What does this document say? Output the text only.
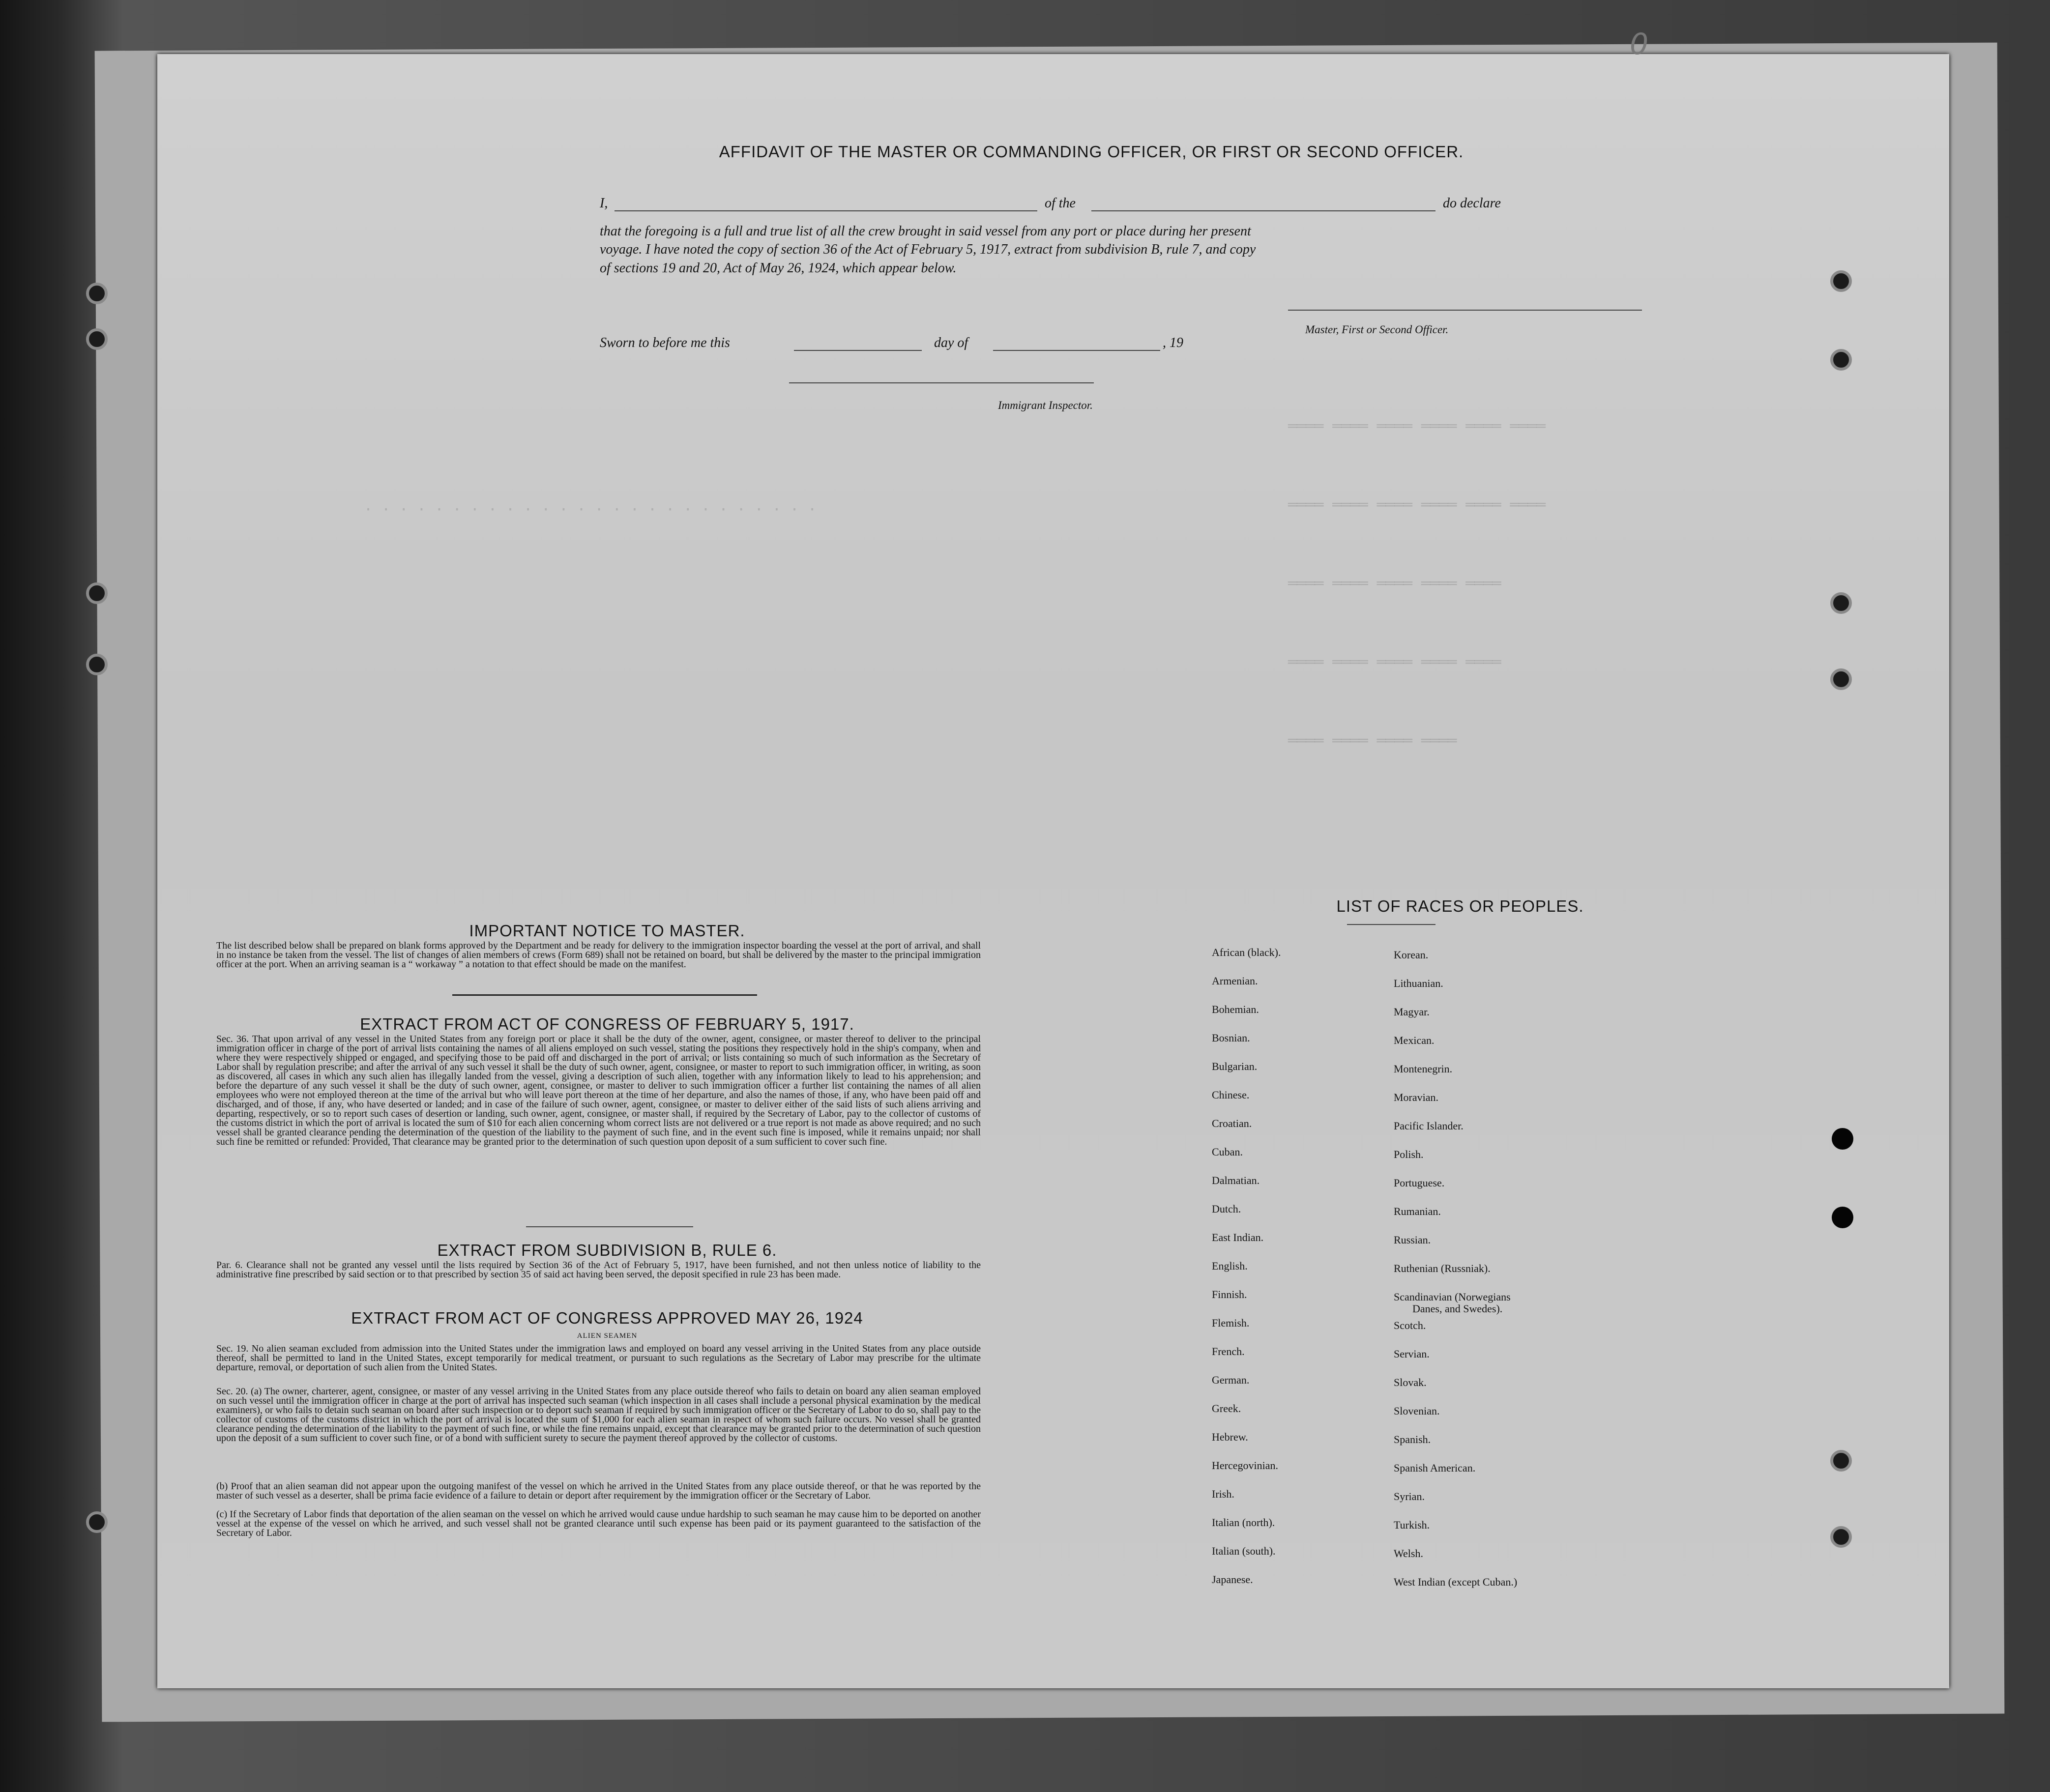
· · · · · · · · · · · · · · · · · · · · · · · · · ·
════ ════ ════ ════ ════ ════
════ ════ ════ ════ ════ ════
════ ════ ════ ════ ════
════ ════ ════ ════ ════
════ ════ ════ ════
AFFIDAVIT OF THE MASTER OR COMMANDING OFFICER, OR FIRST OR SECOND OFFICER.
I,	of the	do declare
that the foregoing is a full and true list of all the crew brought in said vessel from any port or place during her present
voyage. I have noted the copy of section 36 of the Act of February 5, 1917, extract from subdivision B, rule 7, and copy
of sections 19 and 20, Act of May 26, 1924, which appear below.
Master, First or Second Officer.
Sworn to before me this	day of	, 19
Immigrant Inspector.
IMPORTANT NOTICE TO MASTER.
The list described below shall be prepared on blank forms approved by the Department and be ready for delivery to the immigration inspector boarding the vessel at the port of arrival, and shall in no instance be taken from the vessel. The list of changes of alien members of crews (Form 689) shall not be retained on board, but shall be delivered by the master to the principal immigration officer at the port. When an arriving seaman is a “ workaway ” a notation to that effect should be made on the manifest.
EXTRACT FROM ACT OF CONGRESS OF FEBRUARY 5, 1917.
Sec. 36. That upon arrival of any vessel in the United States from any foreign port or place it shall be the duty of the owner, agent, consignee, or master thereof to deliver to the principal immigration officer in charge of the port of arrival lists containing the names of all aliens employed on such vessel, stating the positions they respectively hold in the ship's company, when and where they were respectively shipped or engaged, and specifying those to be paid off and discharged in the port of arrival; or lists containing so much of such information as the Secretary of Labor shall by regulation prescribe; and after the arrival of any such vessel it shall be the duty of such owner, agent, consignee, or master to report to such immigration officer, in writing, as soon as discovered, all cases in which any such alien has illegally landed from the vessel, giving a description of such alien, together with any information likely to lead to his apprehension; and before the departure of any such vessel it shall be the duty of such owner, agent, consignee, or master to deliver to such immigration officer a further list containing the names of all alien employees who were not employed thereon at the time of the arrival but who will leave port thereon at the time of her departure, and also the names of those, if any, who have been paid off and discharged, and of those, if any, who have deserted or landed; and in case of the failure of such owner, agent, consignee, or master to deliver either of the said lists of such aliens arriving and departing, respectively, or so to report such cases of desertion or landing, such owner, agent, consignee, or master shall, if required by the Secretary of Labor, pay to the collector of customs of the customs district in which the port of arrival is located the sum of $10 for each alien concerning whom correct lists are not delivered or a true report is not made as above required; and no such vessel shall be granted clearance pending the determination of the question of the liability to the payment of such fine, and in the event such fine is imposed, while it remains unpaid; nor shall such fine be remitted or refunded: Provided, That clearance may be granted prior to the determination of such question upon deposit of a sum sufficient to cover such fine.
EXTRACT FROM SUBDIVISION B, RULE 6.
Par. 6. Clearance shall not be granted any vessel until the lists required by Section 36 of the Act of February 5, 1917, have been furnished, and not then unless notice of liability to the administrative fine prescribed by said section or to that prescribed by section 35 of said act having been served, the deposit specified in rule 23 has been made.
EXTRACT FROM ACT OF CONGRESS APPROVED MAY 26, 1924
ALIEN SEAMEN
Sec. 19. No alien seaman excluded from admission into the United States under the immigration laws and employed on board any vessel arriving in the United States from any place outside thereof, shall be permitted to land in the United States, except temporarily for medical treatment, or pursuant to such regulations as the Secretary of Labor may prescribe for the ultimate departure, removal, or deportation of such alien from the United States.
Sec. 20. (a) The owner, charterer, agent, consignee, or master of any vessel arriving in the United States from any place outside thereof who fails to detain on board any alien seaman employed on such vessel until the immigration officer in charge at the port of arrival has inspected such seaman (which inspection in all cases shall include a personal physical examination by the medical examiners), or who fails to detain such seaman on board after such inspection or to deport such seaman if required by such immigration officer or the Secretary of Labor to do so, shall pay to the collector of customs of the customs district in which the port of arrival is located the sum of $1,000 for each alien seaman in respect of whom such failure occurs. No vessel shall be granted clearance pending the determination of the liability to the payment of such fine, or while the fine remains unpaid, except that clearance may be granted prior to the determination of such question upon the deposit of a sum sufficient to cover such fine, or of a bond with sufficient surety to secure the payment thereof approved by the collector of customs.
(b) Proof that an alien seaman did not appear upon the outgoing manifest of the vessel on which he arrived in the United States from any place outside thereof, or that he was reported by the master of such vessel as a deserter, shall be prima facie evidence of a failure to detain or deport after requirement by the immigration officer or the Secretary of Labor.
(c) If the Secretary of Labor finds that deportation of the alien seaman on the vessel on which he arrived would cause undue hardship to such seaman he may cause him to be deported on another vessel at the expense of the vessel on which he arrived, and such vessel shall not be granted clearance until such expense has been paid or its payment guaranteed to the satisfaction of the Secretary of Labor.
LIST OF RACES OR PEOPLES.
African (black).
Armenian.
Bohemian.
Bosnian.
Bulgarian.
Chinese.
Croatian.
Cuban.
Dalmatian.
Dutch.
East Indian.
English.
Finnish.
Flemish.
French.
German.
Greek.
Hebrew.
Hercegovinian.
Irish.
Italian (north).
Italian (south).
Japanese.
Korean.
Lithuanian.
Magyar.
Mexican.
Montenegrin.
Moravian.
Pacific Islander.
Polish.
Portuguese.
Rumanian.
Russian.
Ruthenian (Russniak).
Scandinavian (Norwegians
Danes, and Swedes).
Scotch.
Servian.
Slovak.
Slovenian.
Spanish.
Spanish American.
Syrian.
Turkish.
Welsh.
West Indian (except Cuban.)
0
